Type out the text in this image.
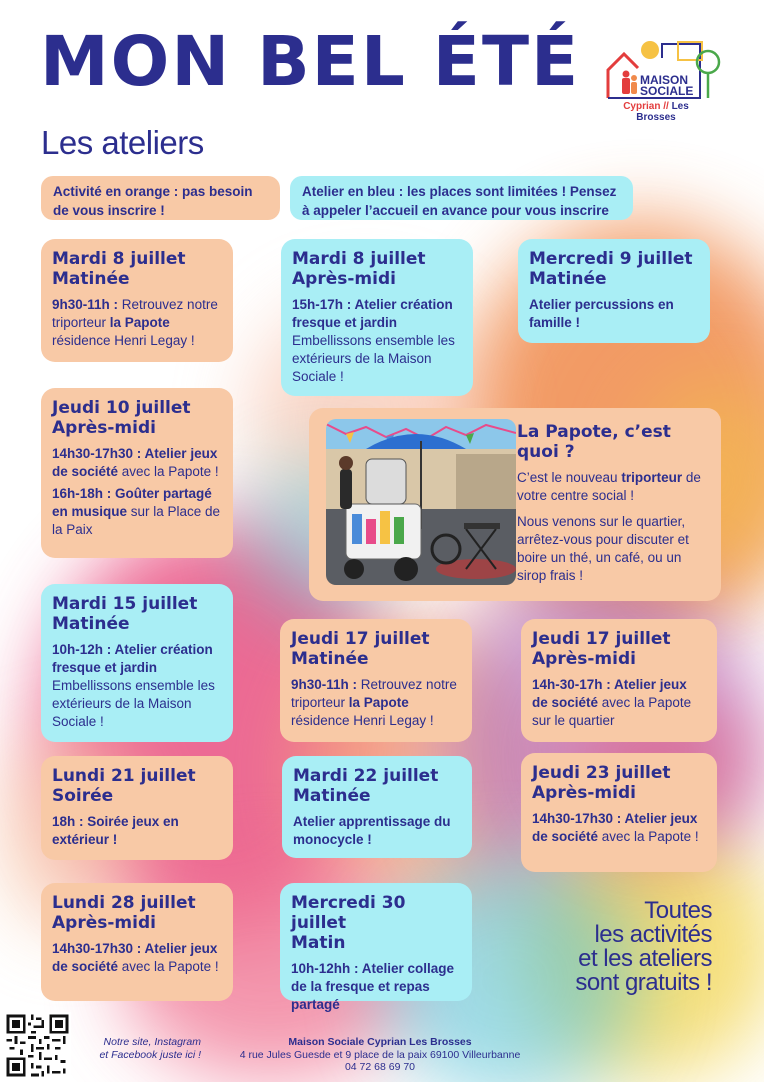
MON BEL ÉTÉ
Les ateliers
MAISON
SOCIALE
Cyprian // Les Brosses
Activité en orange : pas besoin de vous inscrire !
Atelier en bleu : les places sont limitées ! Pensez à appeler l’accueil en avance pour vous inscrire
Mardi 8 juillet
Matinée

9h30-11h : Retrouvez notre triporteur la Papote résidence Henri Legay !

Mardi 8 juillet
Après-midi

15h-17h : Atelier création fresque et jardin Embellissons ensemble les extérieurs de la Maison Sociale !

Mercredi 9 juillet
Matinée

Atelier percussions en famille !

Jeudi 10 juillet
Après-midi

14h30-17h30 : Atelier jeux de société avec la Papote !

16h-18h : Goûter partagé en musique sur la Place de la Paix

La Papote, c’est quoi ?

C’est le nouveau triporteur de votre centre social !

Nous venons sur le quartier, arrêtez-vous pour discuter et boire un thé, un café, ou un sirop frais !

Mardi 15 juillet
Matinée

10h-12h : Atelier création fresque et jardin Embellissons ensemble les extérieurs de la Maison Sociale !

Jeudi 17 juillet
Matinée

9h30-11h : Retrouvez notre triporteur la Papote résidence Henri Legay !

Jeudi 17 juillet
Après-midi

14h-30-17h : Atelier jeux de société avec la Papote sur le quartier

Lundi 21 juillet
Soirée

18h : Soirée jeux en extérieur !

Mardi 22 juillet
Matinée

Atelier apprentissage du monocycle !

Jeudi 23 juillet
Après-midi

14h30-17h30 : Atelier jeux de société avec la Papote !

Lundi 28 juillet
Après-midi

14h30-17h30 : Atelier jeux de société avec la Papote !

Mercredi 30 juillet
Matin

10h-12hh : Atelier collage de la fresque et repas partagé

Toutes
les activités
et les ateliers
sont gratuits !
Notre site, Instagram
et Facebook juste ici !
Maison Sociale Cyprian Les Brosses
4 rue Jules Guesde et 9 place de la paix 69100 Villeurbanne
04 72 68 69 70
